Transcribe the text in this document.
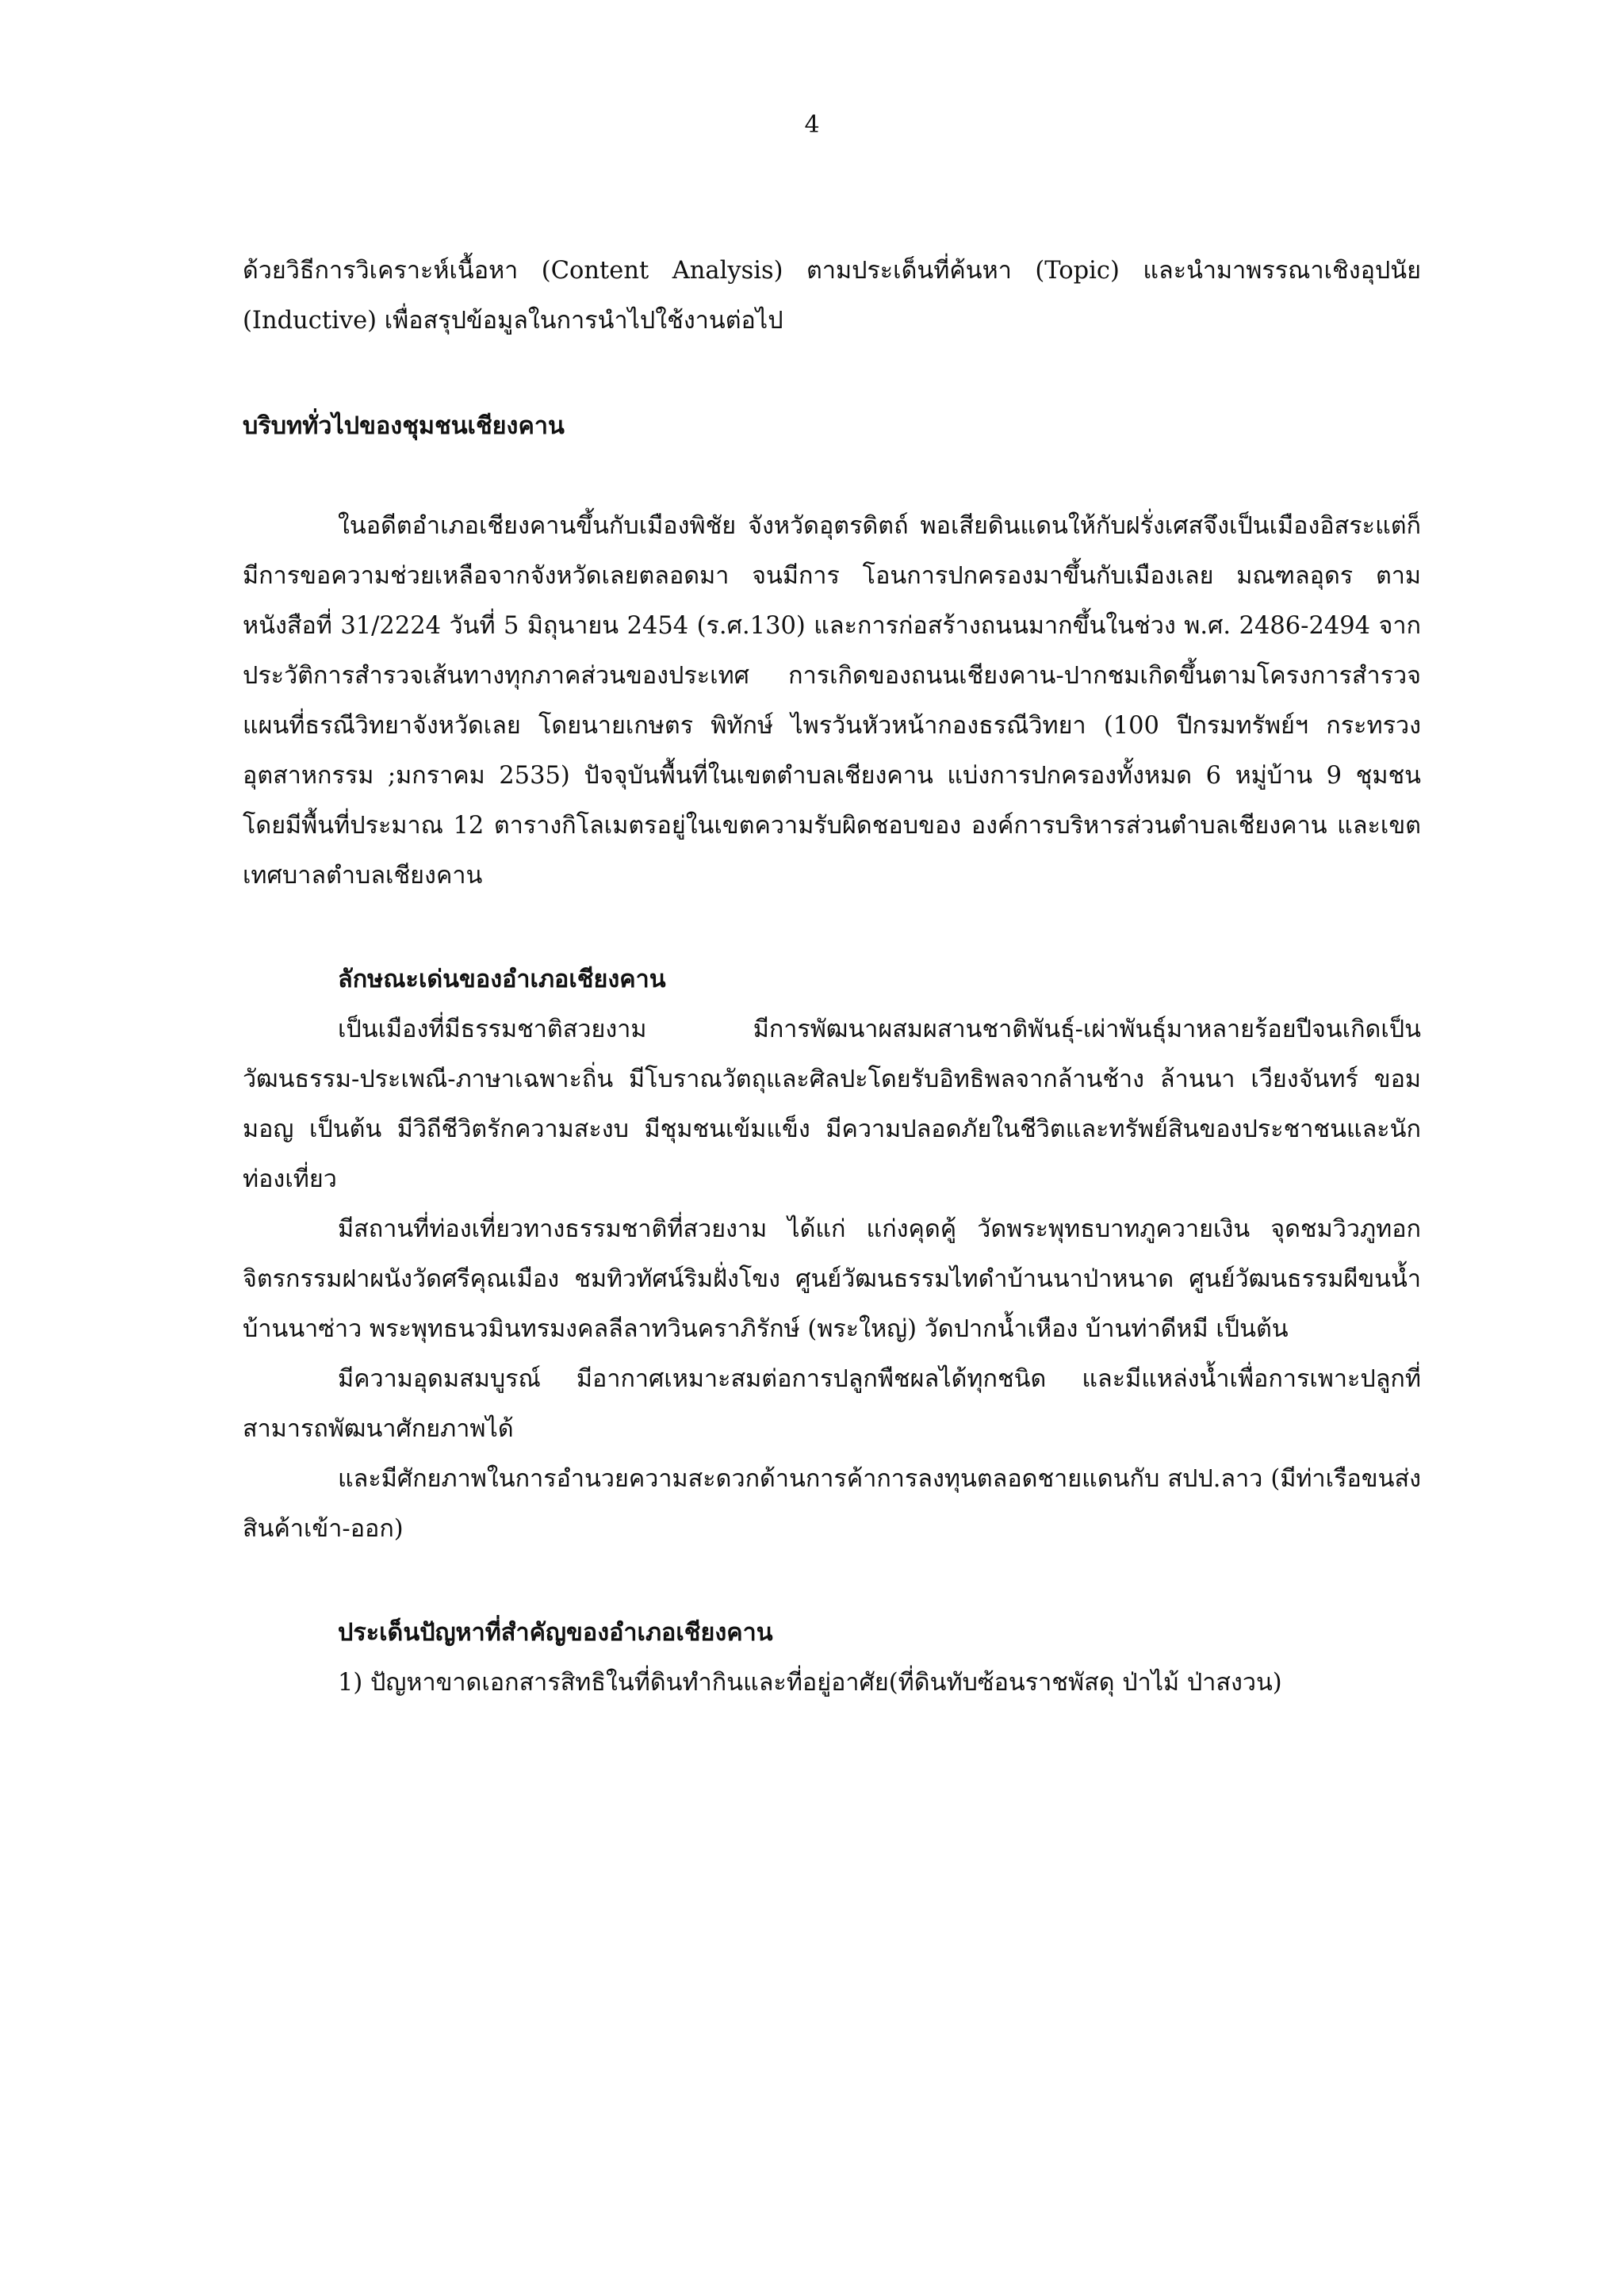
4

ด้วยวิธีการวิเคราะห์เนื้อหา (Content Analysis) ตามประเด็นที่ค้นหา (Topic) และนำมาพรรณาเชิงอุปนัย (Inductive) เพื่อสรุปข้อมูลในการนำไปใช้งานต่อไป

บริบททั่วไปของชุมชนเชียงคาน

ในอดีตอำเภอเชียงคานขึ้นกับเมืองพิชัย จังหวัดอุตรดิตถ์ พอเสียดินแดนให้กับฝรั่งเศสจึงเป็นเมืองอิสระแต่ก็มีการขอความช่วยเหลือจากจังหวัดเลยตลอดมา จนมีการ โอนการปกครองมาขึ้นกับเมืองเลย มณฑลอุดร ตามหนังสือที่ 31/2224 วันที่ 5 มิถุนายน 2454 (ร.ศ.130) และการก่อสร้างถนนมากขึ้นในช่วง พ.ศ. 2486-2494 จากประวัติการสำรวจเส้นทางทุกภาคส่วนของประเทศ การเกิดของถนนเชียงคาน-ปากชมเกิดขึ้นตามโครงการสำรวจแผนที่ธรณีวิทยาจังหวัดเลย โดยนายเกษตร พิทักษ์ ไพรวันหัวหน้ากองธรณีวิทยา (100 ปีกรมทรัพย์ฯ กระทรวงอุตสาหกรรม ;มกราคม 2535) ปัจจุบันพื้นที่ในเขตตำบลเชียงคาน แบ่งการปกครองทั้งหมด 6 หมู่บ้าน 9 ชุมชน โดยมีพื้นที่ประมาณ 12 ตารางกิโลเมตรอยู่ในเขตความรับผิดชอบของ องค์การบริหารส่วนตำบลเชียงคาน และเขตเทศบาลตำบลเชียงคาน

ลักษณะเด่นของอำเภอเชียงคาน

เป็นเมืองที่มีธรรมชาติสวยงาม มีการพัฒนาผสมผสานชาติพันธุ์-เผ่าพันธุ์มาหลายร้อยปีจนเกิดเป็นวัฒนธรรม-ประเพณี-ภาษาเฉพาะถิ่น มีโบราณวัตถุและศิลปะโดยรับอิทธิพลจากล้านช้าง ล้านนา เวียงจันทร์ ขอม มอญ เป็นต้น มีวิถีชีวิตรักความสะงบ มีชุมชนเข้มแข็ง มีความปลอดภัยในชีวิตและทรัพย์สินของประชาชนและนักท่องเที่ยว

มีสถานที่ท่องเที่ยวทางธรรมชาติที่สวยงาม ได้แก่ แก่งคุดคู้ วัดพระพุทธบาทภูควายเงิน จุดชมวิวภูทอก จิตรกรรมฝาผนังวัดศรีคุณเมือง ชมทิวทัศน์ริมฝั่งโขง ศูนย์วัฒนธรรมไทดำบ้านนาป่าหนาด ศูนย์วัฒนธรรมผีขนน้ำ บ้านนาซ่าว พระพุทธนวมินทรมงคลลีลาทวินคราภิรักษ์ (พระใหญ่) วัดปากน้ำเหือง บ้านท่าดีหมี เป็นต้น

มีความอุดมสมบูรณ์ มีอากาศเหมาะสมต่อการปลูกพืชผลได้ทุกชนิด และมีแหล่งน้ำเพื่อการเพาะปลูกที่สามารถพัฒนาศักยภาพได้

และมีศักยภาพในการอำนวยความสะดวกด้านการค้าการลงทุนตลอดชายแดนกับ สปป.ลาว (มีท่าเรือขนส่งสินค้าเข้า-ออก)

ประเด็นปัญหาที่สำคัญของอำเภอเชียงคาน

1) ปัญหาขาดเอกสารสิทธิในที่ดินทำกินและที่อยู่อาศัย(ที่ดินทับซ้อนราชพัสดุ ป่าไม้ ป่าสงวน)
